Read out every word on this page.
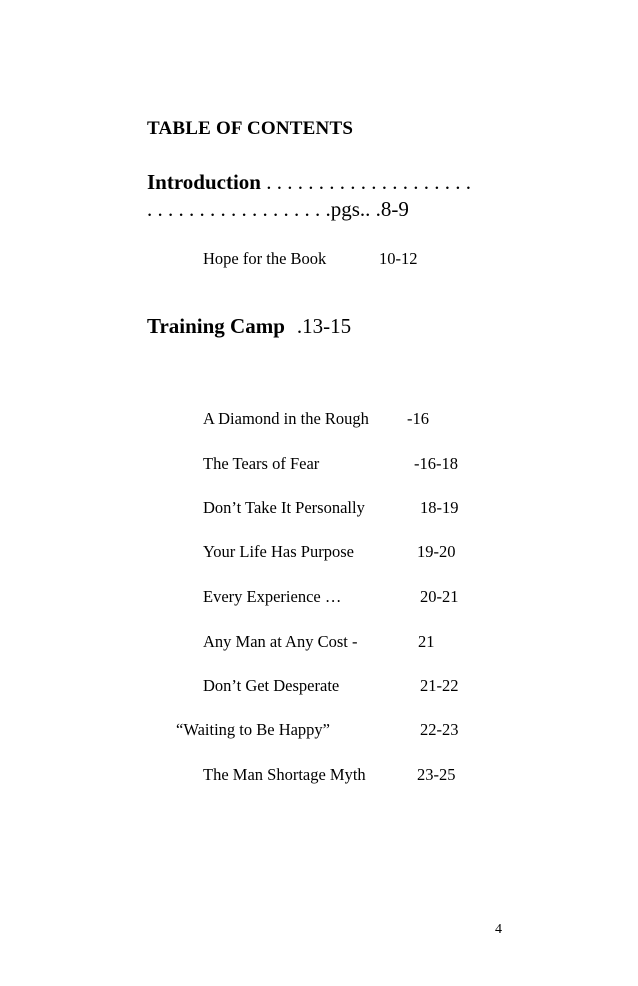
TABLE OF CONTENTS
Introduction . . . . . . . . . . . . . . . . . . . .
. . . . . . . . . . . . . . . . . .pgs.. .8-9
Hope for the Book	10-12
Training Camp .13-15
A Diamond in the Rough -16
The Tears of Fear	-16-18
Don’t Take It Personally	18-19
Your Life Has Purpose	19-20
Every Experience …	20-21
Any Man at Any Cost -	21
Don’t Get Desperate	21-22
“Waiting to Be Happy”	22-23
The Man Shortage Myth	23-25
4
